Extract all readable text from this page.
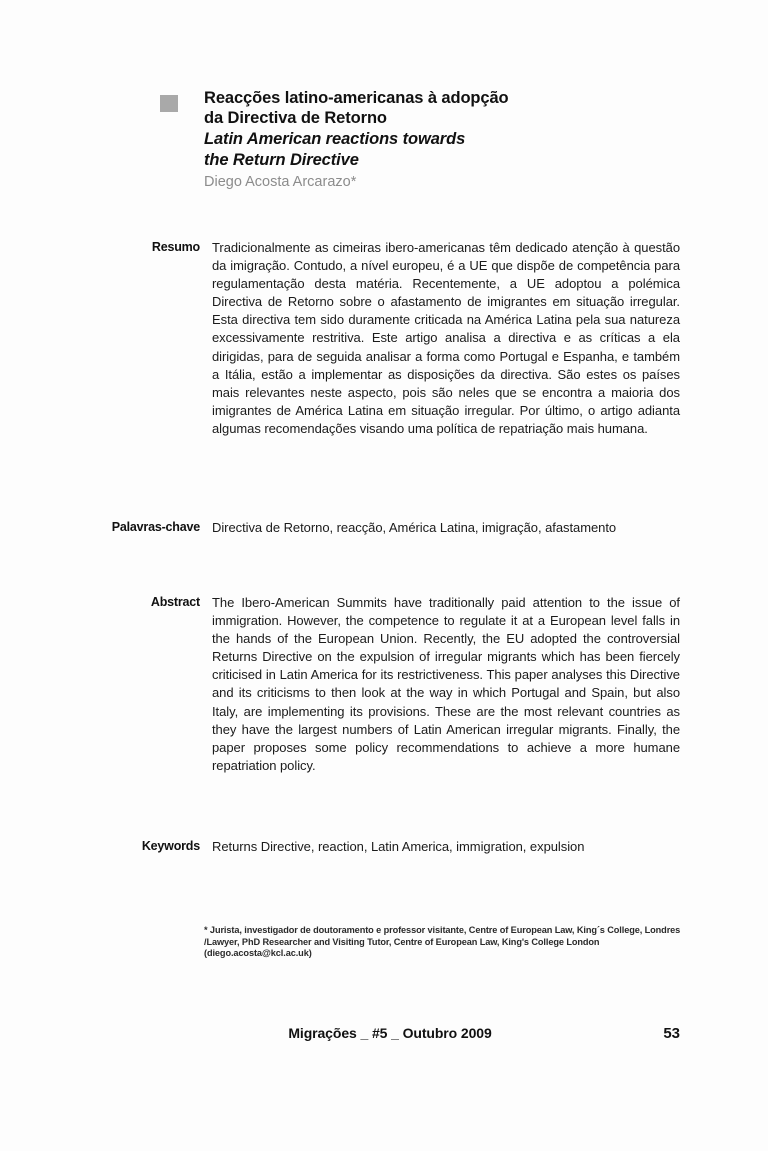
Reacções latino-americanas à adopção
da Directiva de Retorno
Latin American reactions towards
the Return Directive
Diego Acosta Arcarazo*
Resumo Tradicionalmente as cimeiras ibero-americanas têm dedicado atenção à questão da imigração. Contudo, a nível europeu, é a UE que dispõe de competência para regulamentação desta matéria. Recentemente, a UE adoptou a polémica Directiva de Retorno sobre o afastamento de imigrantes em situação irregular. Esta directiva tem sido duramente criticada na América Latina pela sua natureza excessivamente restritiva. Este artigo analisa a directiva e as críticas a ela dirigidas, para de seguida analisar a forma como Portugal e Espanha, e também a Itália, estão a implementar as disposições da directiva. São estes os países mais relevantes neste aspecto, pois são neles que se encontra a maioria dos imigrantes de América Latina em situação irregular. Por último, o artigo adianta algumas recomendações visando uma política de repatriação mais humana.
Palavras-chave Directiva de Retorno, reacção, América Latina, imigração, afastamento
Abstract The Ibero-American Summits have traditionally paid attention to the issue of immigration. However, the competence to regulate it at a European level falls in the hands of the European Union. Recently, the EU adopted the controversial Returns Directive on the expulsion of irregular migrants which has been fiercely criticised in Latin America for its restrictiveness. This paper analyses this Directive and its criticisms to then look at the way in which Portugal and Spain, but also Italy, are implementing its provisions. These are the most relevant countries as they have the largest numbers of Latin American irregular migrants. Finally, the paper proposes some policy recommendations to achieve a more humane repatriation policy.
Keywords Returns Directive, reaction, Latin America, immigration, expulsion
* Jurista, investigador de doutoramento e professor visitante, Centre of European Law, King´s College, Londres /Lawyer, PhD Researcher and Visiting Tutor, Centre of European Law, King's College London (diego.acosta@kcl.ac.uk)
Migrações _ #5 _ Outubro 2009	53
